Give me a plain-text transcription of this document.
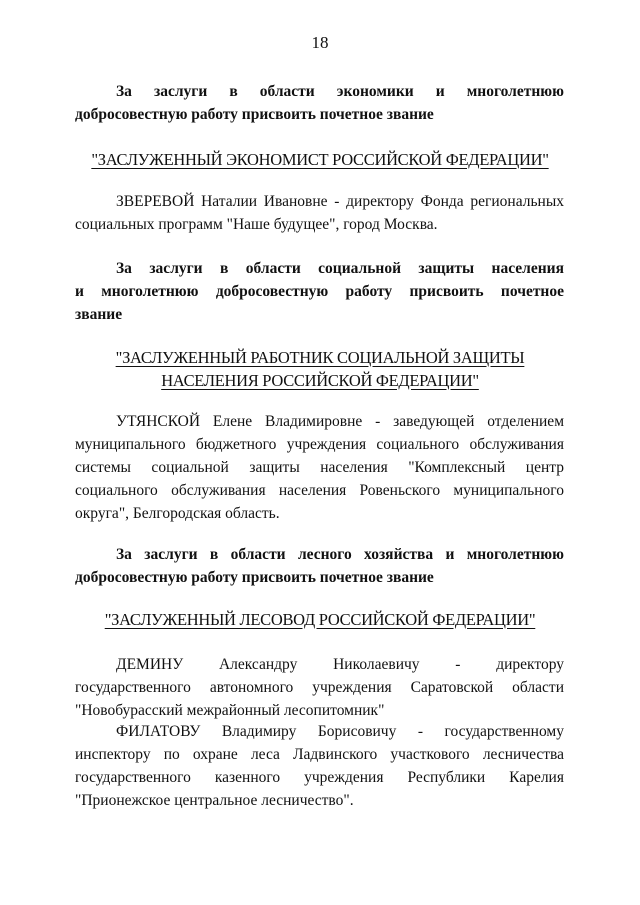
18
За заслуги в области экономики и многолетнюю
добросовестную работу присвоить почетное звание
"ЗАСЛУЖЕННЫЙ ЭКОНОМИСТ РОССИЙСКОЙ ФЕДЕРАЦИИ"
ЗВЕРЕВОЙ Наталии Ивановне - директору Фонда региональных
социальных программ "Наше будущее", город Москва.
За заслуги в области социальной защиты населения
и многолетнюю добросовестную работу присвоить почетное
звание
"ЗАСЛУЖЕННЫЙ РАБОТНИК СОЦИАЛЬНОЙ ЗАЩИТЫ
НАСЕЛЕНИЯ РОССИЙСКОЙ ФЕДЕРАЦИИ"
УТЯНСКОЙ Елене Владимировне - заведующей отделением
муниципального бюджетного учреждения социального обслуживания
системы социальной защиты населения "Комплексный центр
социального обслуживания населения Ровеньского муниципального
округа", Белгородская область.
За заслуги в области лесного хозяйства и многолетнюю
добросовестную работу присвоить почетное звание
"ЗАСЛУЖЕННЫЙ ЛЕСОВОД РОССИЙСКОЙ ФЕДЕРАЦИИ"
ДЕМИНУ Александру Николаевичу - директору
государственного автономного учреждения Саратовской области
"Новобурасский межрайонный лесопитомник"
ФИЛАТОВУ Владимиру Борисовичу - государственному
инспектору по охране леса Ладвинского участкового лесничества
государственного казенного учреждения Республики Карелия
"Прионежское центральное лесничество".
